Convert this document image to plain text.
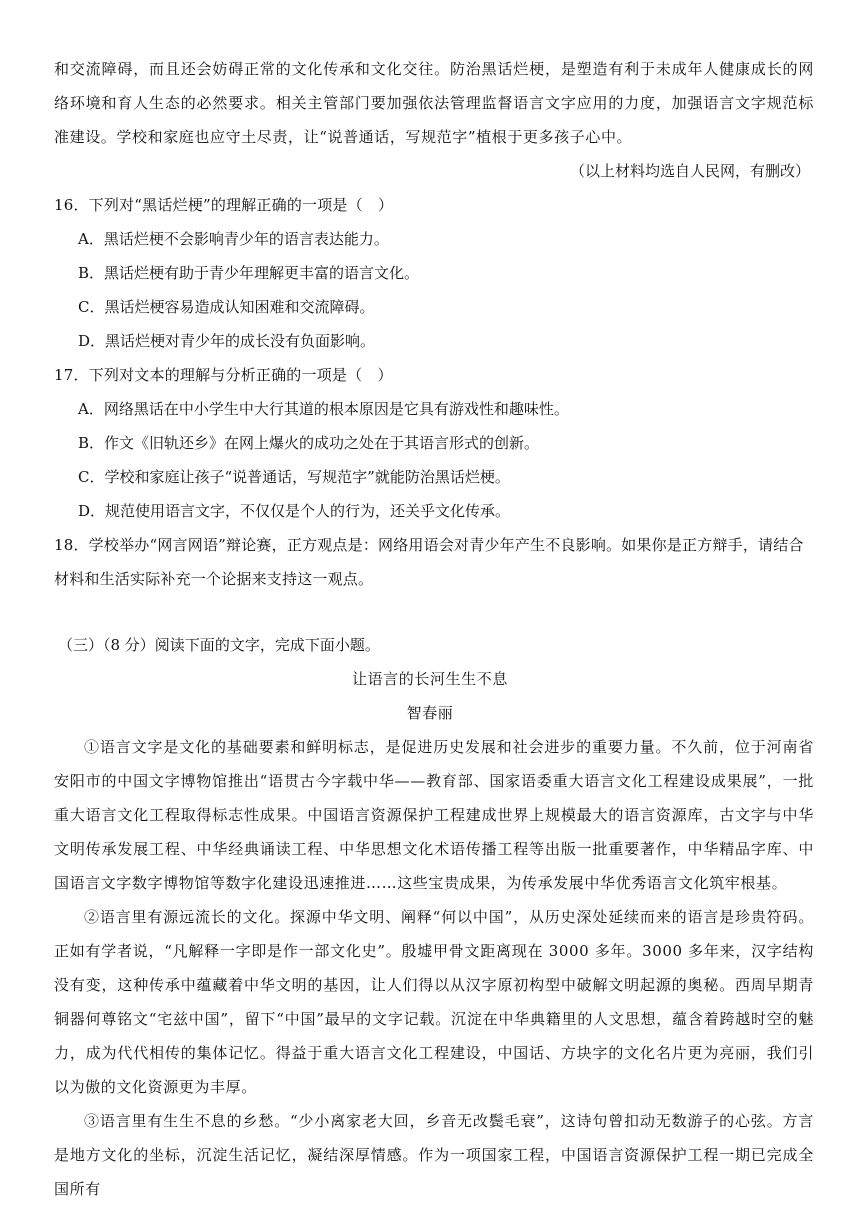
和交流障碍，而且还会妨碍正常的文化传承和文化交往。防治黑话烂梗，是塑造有利于未成年人健康成长的网络环境和育人生态的必然要求。相关主管部门要加强依法管理监督语言文字应用的力度，加强语言文字规范标准建设。学校和家庭也应守土尽责，让“说普通话，写规范字”植根于更多孩子心中。

（以上材料均选自人民网，有删改）

16．下列对“黑话烂梗”的理解正确的一项是（　）

A．黑话烂梗不会影响青少年的语言表达能力。

B．黑话烂梗有助于青少年理解更丰富的语言文化。

C．黑话烂梗容易造成认知困难和交流障碍。

D．黑话烂梗对青少年的成长没有负面影响。

17．下列对文本的理解与分析正确的一项是（　）

A．网络黑话在中小学生中大行其道的根本原因是它具有游戏性和趣味性。

B．作文《旧轨还乡》在网上爆火的成功之处在于其语言形式的创新。

C．学校和家庭让孩子“说普通话，写规范字”就能防治黑话烂梗。

D．规范使用语言文字，不仅仅是个人的行为，还关乎文化传承。

18．学校举办“网言网语”辩论赛，正方观点是：网络用语会对青少年产生不良影响。如果你是正方辩手，请结合材料和生活实际补充一个论据来支持这一观点。

（三）（8 分）阅读下面的文字，完成下面小题。

让语言的长河生生不息

智春丽

①语言文字是文化的基础要素和鲜明标志，是促进历史发展和社会进步的重要力量。不久前，位于河南省安阳市的中国文字博物馆推出“语贯古今字载中华——教育部、国家语委重大语言文化工程建设成果展”，一批重大语言文化工程取得标志性成果。中国语言资源保护工程建成世界上规模最大的语言资源库，古文字与中华文明传承发展工程、中华经典诵读工程、中华思想文化术语传播工程等出版一批重要著作，中华精品字库、中国语言文字数字博物馆等数字化建设迅速推进……这些宝贵成果，为传承发展中华优秀语言文化筑牢根基。

②语言里有源远流长的文化。探源中华文明、阐释“何以中国”，从历史深处延续而来的语言是珍贵符码。正如有学者说，“凡解释一字即是作一部文化史”。殷墟甲骨文距离现在 3000 多年。3000 多年来，汉字结构没有变，这种传承中蕴藏着中华文明的基因，让人们得以从汉字原初构型中破解文明起源的奥秘。西周早期青铜器何尊铭文“宅兹中国”，留下“中国”最早的文字记载。沉淀在中华典籍里的人文思想，蕴含着跨越时空的魅力，成为代代相传的集体记忆。得益于重大语言文化工程建设，中国话、方块字的文化名片更为亮丽，我们引以为傲的文化资源更为丰厚。

③语言里有生生不息的乡愁。“少小离家老大回，乡音无改鬓毛衰”，这诗句曾扣动无数游子的心弦。方言是地方文化的坐标，沉淀生活记忆，凝结深厚情感。作为一项国家工程，中国语言资源保护工程一期已完成全国所有
